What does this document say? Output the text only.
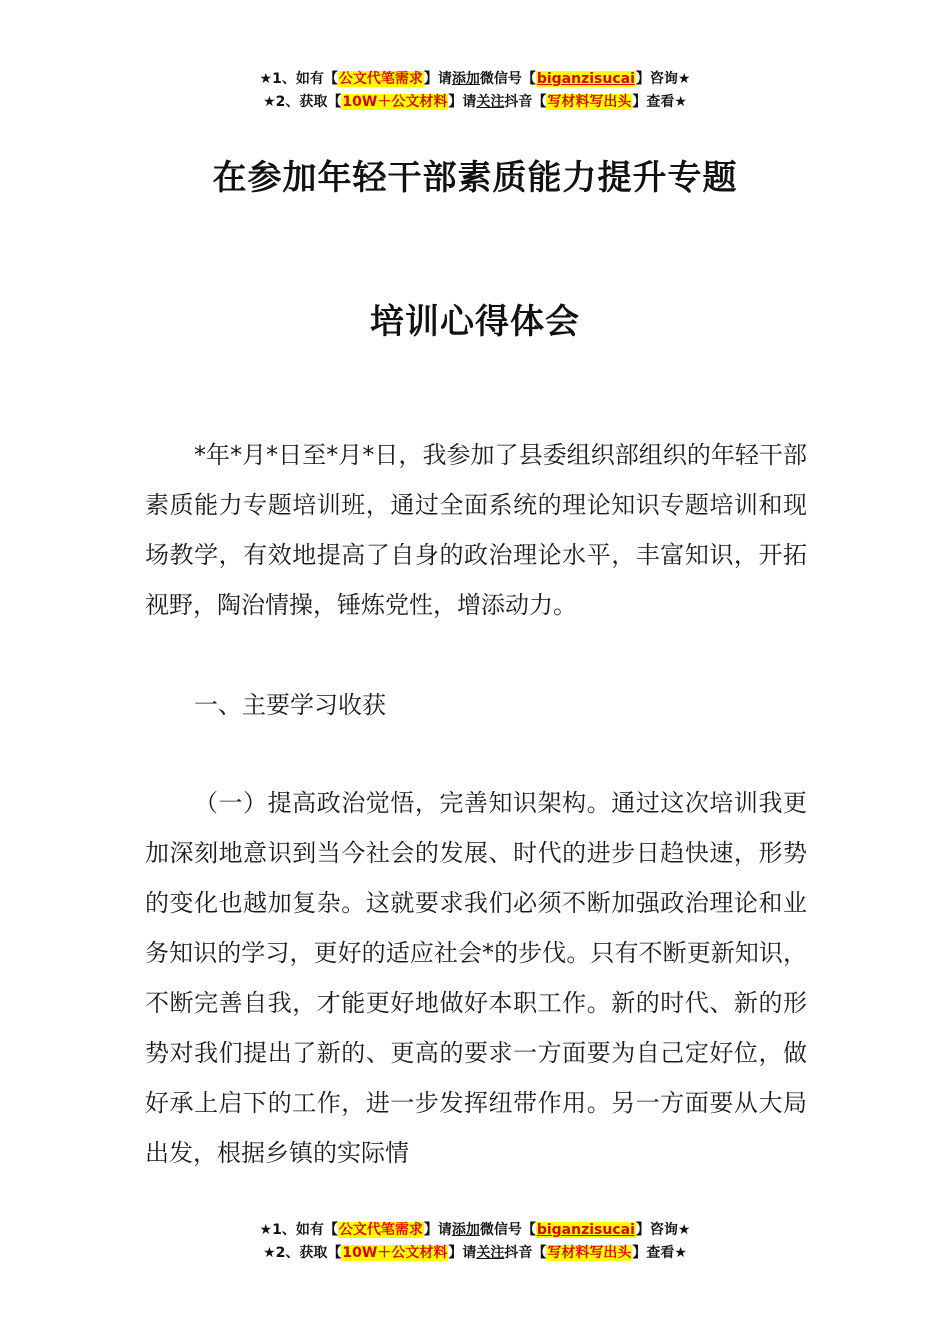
★1、如有【公文代笔需求】请添加微信号【biganzisucai】咨询★
★2、获取【10W＋公文材料】请关注抖音【写材料写出头】查看★
在参加年轻干部素质能力提升专题
培训心得体会

*年*月*日至*月*日，我参加了县委组织部组织的年轻干部素质能力专题培训班，通过全面系统的理论知识专题培训和现场教学，有效地提高了自身的政治理论水平，丰富知识，开拓视野，陶治情操，锤炼党性，增添动力。

一、主要学习收获

（一）提高政治觉悟，完善知识架构。通过这次培训我更加深刻地意识到当今社会的发展、时代的进步日趋快速，形势的变化也越加复杂。这就要求我们必须不断加强政治理论和业务知识的学习，更好的适应社会*的步伐。只有不断更新知识，不断完善自我，才能更好地做好本职工作。新的时代、新的形势对我们提出了新的、更高的要求一方面要为自己定好位，做好承上启下的工作，进一步发挥纽带作用。另一方面要从大局出发，根据乡镇的实际情

★1、如有【公文代笔需求】请添加微信号【biganzisucai】咨询★
★2、获取【10W＋公文材料】请关注抖音【写材料写出头】查看★
